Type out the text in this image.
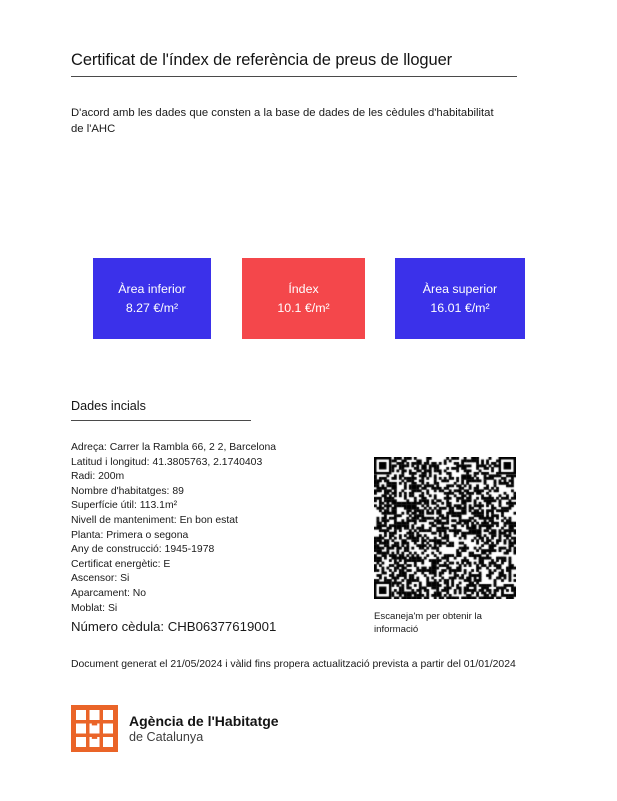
Certificat de l'índex de referència de preus de lloguer
D'acord amb les dades que consten a la base de dades de les cèdules d'habitabilitat de l'AHC
Àrea inferior
8.27 €/m²
Índex
10.1 €/m²
Àrea superior
16.01 €/m²
Dades incials
Adreça: Carrer la Rambla 66, 2 2, Barcelona
Latitud i longitud: 41.3805763, 2.1740403
Radi: 200m
Nombre d'habitatges: 89
Superfície útil: 113.1m²
Nivell de manteniment: En bon estat
Planta: Primera o segona
Any de construcció: 1945-1978
Certificat energètic: E
Ascensor: Si
Aparcament: No
Moblat: Si
Número cèdula: CHB06377619001
Escaneja'm per obtenir la informació
Document generat el 21/05/2024 i vàlid fins propera actualització prevista a partir del 01/01/2024
Agència de l'Habitatge
de Catalunya
